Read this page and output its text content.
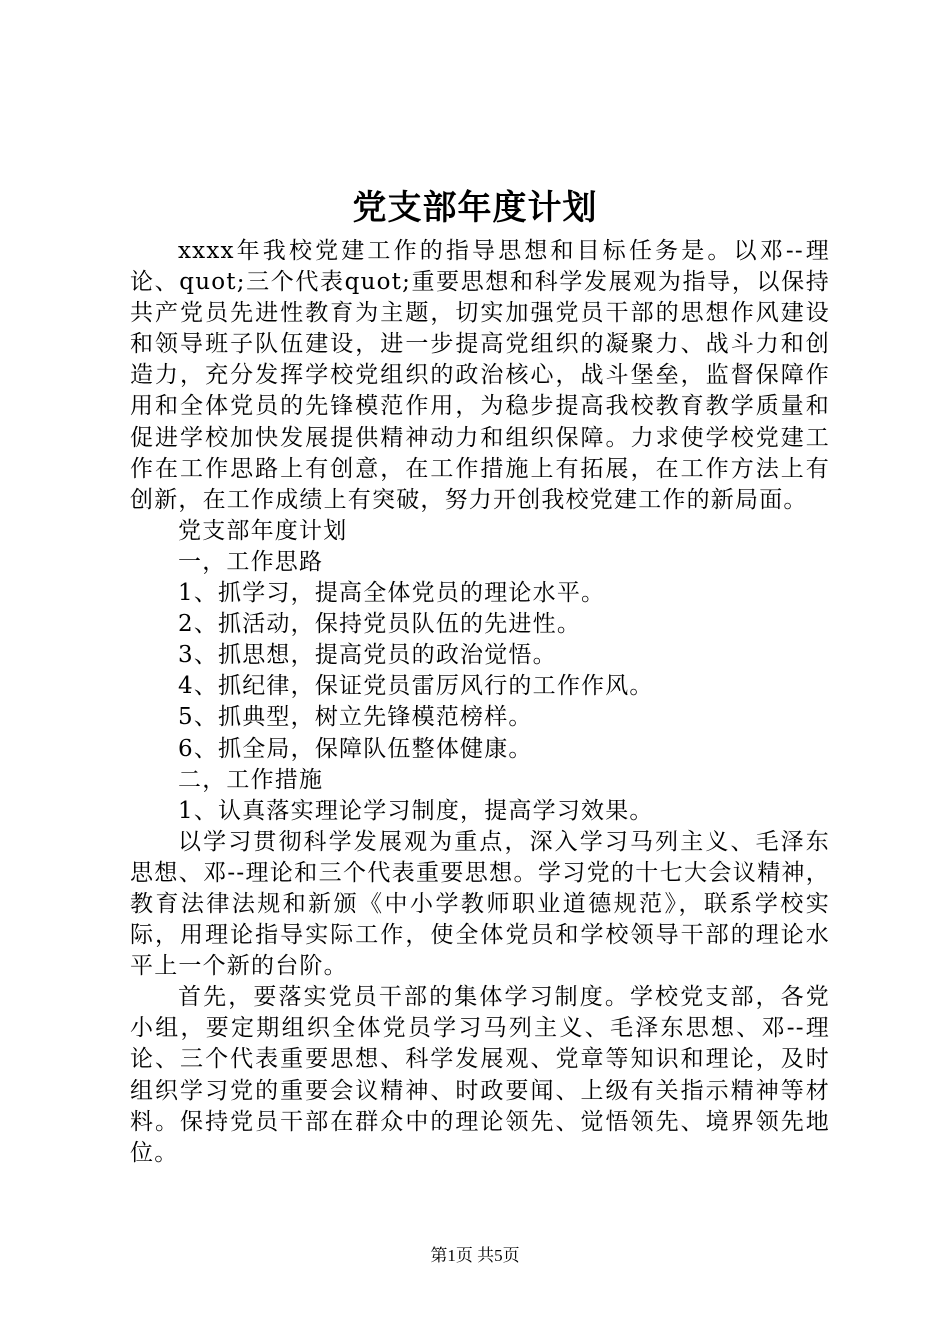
党支部年度计划

xxxx年我校党建工作的指导思想和目标任务是。以邓--理论、quot;三个代表quot;重要思想和科学发展观为指导，以保持共产党员先进性教育为主题，切实加强党员干部的思想作风建设和领导班子队伍建设，进一步提高党组织的凝聚力、战斗力和创造力，充分发挥学校党组织的政治核心，战斗堡垒，监督保障作用和全体党员的先锋模范作用，为稳步提高我校教育教学质量和促进学校加快发展提供精神动力和组织保障。力求使学校党建工作在工作思路上有创意，在工作措施上有拓展，在工作方法上有创新，在工作成绩上有突破，努力开创我校党建工作的新局面。

党支部年度计划

一，工作思路

1、抓学习，提高全体党员的理论水平。

2、抓活动，保持党员队伍的先进性。

3、抓思想，提高党员的政治觉悟。

4、抓纪律，保证党员雷厉风行的工作作风。

5、抓典型，树立先锋模范榜样。

6、抓全局，保障队伍整体健康。

二，工作措施

1、认真落实理论学习制度，提高学习效果。

以学习贯彻科学发展观为重点，深入学习马列主义、毛泽东思想、邓--理论和三个代表重要思想。学习党的十七大会议精神，教育法律法规和新颁《中小学教师职业道德规范》，联系学校实际，用理论指导实际工作，使全体党员和学校领导干部的理论水平上一个新的台阶。

首先，要落实党员干部的集体学习制度。学校党支部，各党小组，要定期组织全体党员学习马列主义、毛泽东思想、邓--理论、三个代表重要思想、科学发展观、党章等知识和理论，及时组织学习党的重要会议精神、时政要闻、上级有关指示精神等材料。保持党员干部在群众中的理论领先、觉悟领先、境界领先地位。

第1页 共5页
